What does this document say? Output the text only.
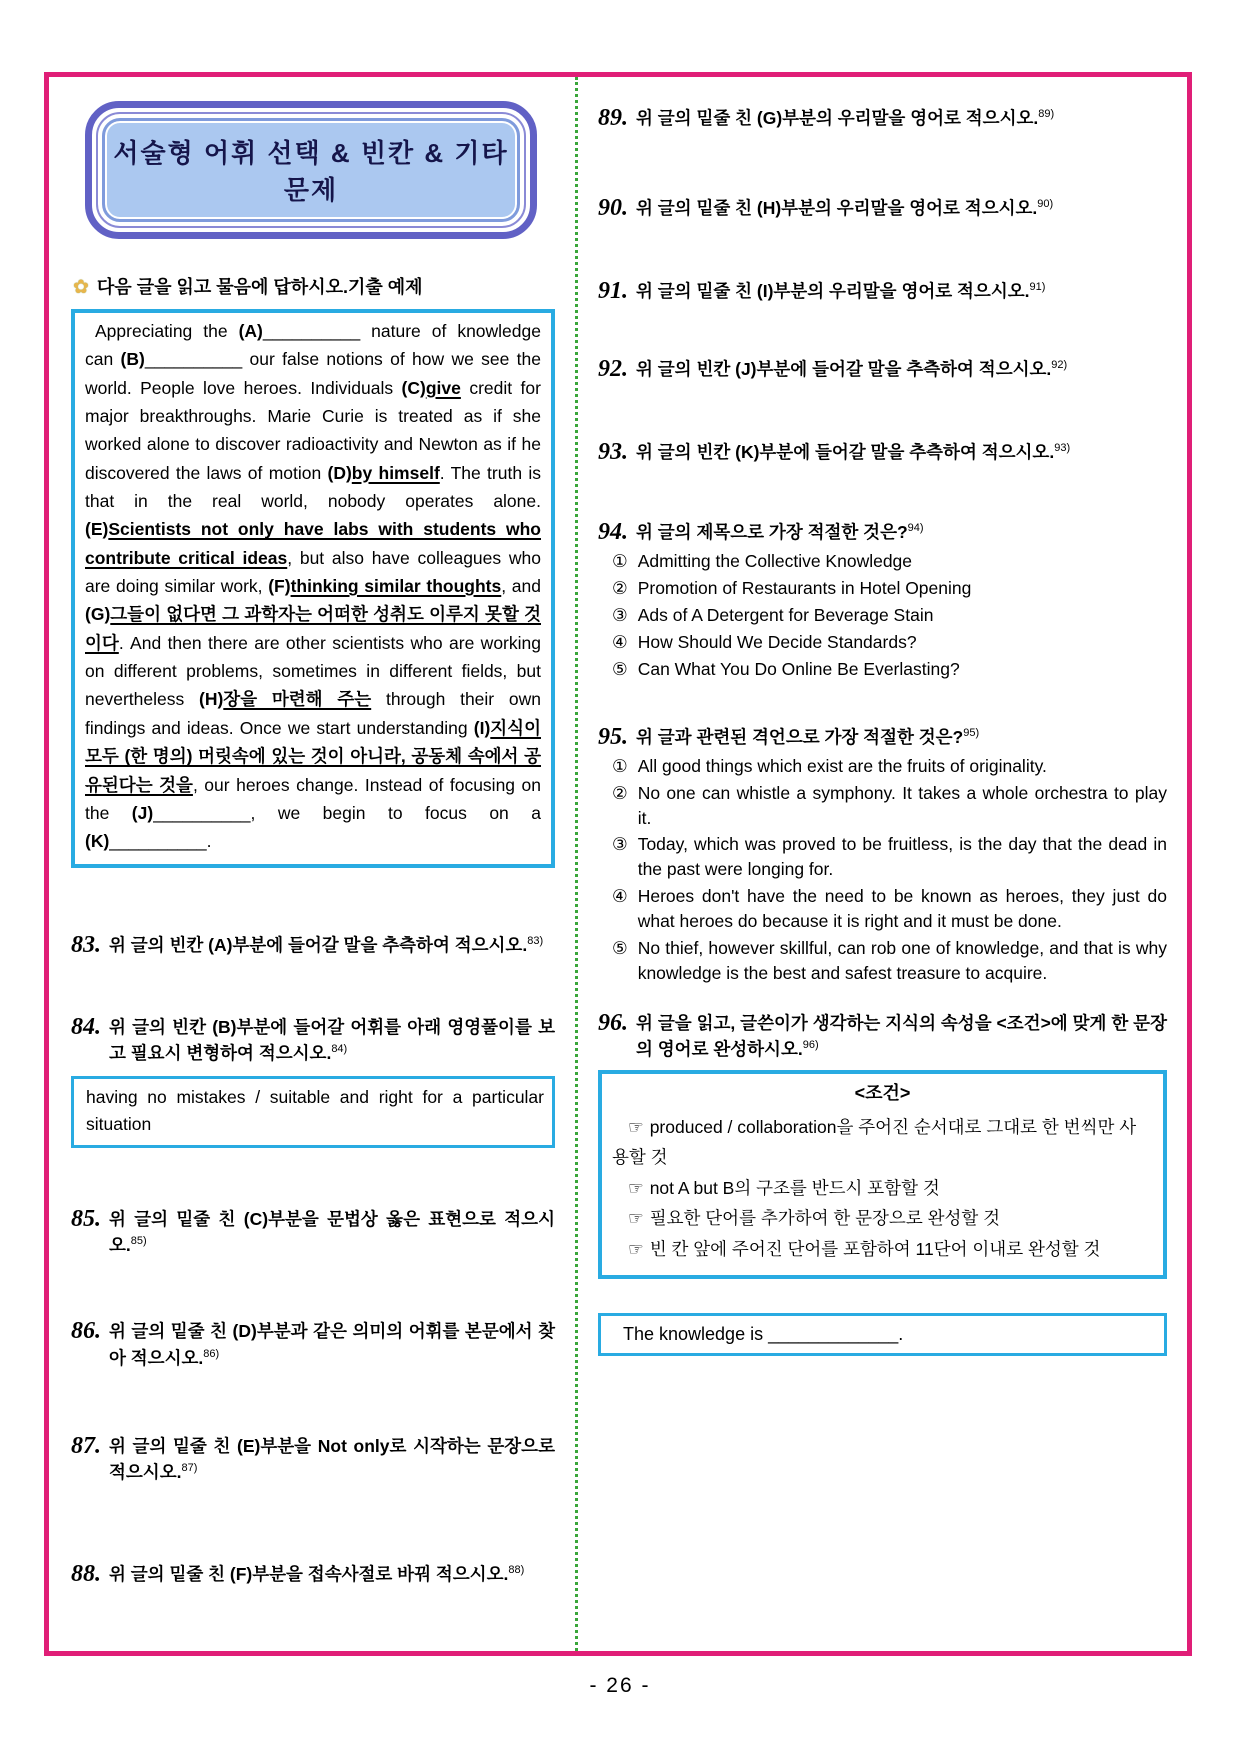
서술형 어휘 선택 & 빈칸 & 기타 문제
✿ 다음 글을 읽고 물음에 답하시오.기출 예제

Appreciating the (A)__________ nature of knowledge can (B)__________ our false notions of how we see the world. People love heroes. Individuals (C)give credit for major breakthroughs. Marie Curie is treated as if she worked alone to discover radioactivity and Newton as if he discovered the laws of motion (D)by himself. The truth is that in the real world, nobody operates alone. (E)Scientists not only have labs with students who contribute critical ideas, but also have colleagues who are doing similar work, (F)thinking similar thoughts, and (G)그들이 없다면 그 과학자는 어떠한 성취도 이루지 못할 것이다. And then there are other scientists who are working on different problems, sometimes in different fields, but nevertheless (H)장을 마련해 주는 through their own findings and ideas. Once we start understanding (I)지식이 모두 (한 명의) 머릿속에 있는 것이 아니라, 공동체 속에서 공유된다는 것을, our heroes change. Instead of focusing on the (J)__________, we begin to focus on a (K)__________.

83. 위 글의 빈칸 (A)부분에 들어갈 말을 추측하여 적으시오.$^{83)}$
84. 위 글의 빈칸 (B)부분에 들어갈 어휘를 아래 영영풀이를 보고 필요시 변형하여 적으시오.$^{84)}$
having no mistakes / suitable and right for a particular situation
85. 위 글의 밑줄 친 (C)부분을 문법상 옳은 표현으로 적으시오.$^{85)}$
86. 위 글의 밑줄 친 (D)부분과 같은 의미의 어휘를 본문에서 찾아 적으시오.$^{86)}$
87. 위 글의 밑줄 친 (E)부분을 Not only로 시작하는 문장으로 적으시오.$^{87)}$
88. 위 글의 밑줄 친 (F)부분을 접속사절로 바꿔 적으시오.$^{88)}$
89. 위 글의 밑줄 친 (G)부분의 우리말을 영어로 적으시오.$^{89)}$
90. 위 글의 밑줄 친 (H)부분의 우리말을 영어로 적으시오.$^{90)}$
91. 위 글의 밑줄 친 (I)부분의 우리말을 영어로 적으시오.$^{91)}$
92. 위 글의 빈칸 (J)부분에 들어갈 말을 추측하여 적으시오.$^{92)}$
93. 위 글의 빈칸 (K)부분에 들어갈 말을 추측하여 적으시오.$^{93)}$
94. 위 글의 제목으로 가장 적절한 것은?$^{94)}$
① Admitting the Collective Knowledge
② Promotion of Restaurants in Hotel Opening
③ Ads of A Detergent for Beverage Stain
④ How Should We Decide Standards?
⑤ Can What You Do Online Be Everlasting?
95. 위 글과 관련된 격언으로 가장 적절한 것은?$^{95)}$
① All good things which exist are the fruits of originality.
② No one can whistle a symphony. It takes a whole orchestra to play it.
③ Today, which was proved to be fruitless, is the day that the dead in the past were longing for.
④ Heroes don't have the need to be known as heroes, they just do what heroes do because it is right and it must be done.
⑤ No thief, however skillful, can rob one of knowledge, and that is why knowledge is the best and safest treasure to acquire.
96. 위 글을 읽고, 글쓴이가 생각하는 지식의 속성을 <조건>에 맞게 한 문장의 영어로 완성하시오.$^{96)}$
<조건>
☞ produced / collaboration을 주어진 순서대로 그대로 한 번씩만 사용할 것
☞ not A but B의 구조를 반드시 포함할 것
☞ 필요한 단어를 추가하여 한 문장으로 완성할 것
☞ 빈 칸 앞에 주어진 단어를 포함하여 11단어 이내로 완성할 것
The knowledge is _____________.
- 26 -
